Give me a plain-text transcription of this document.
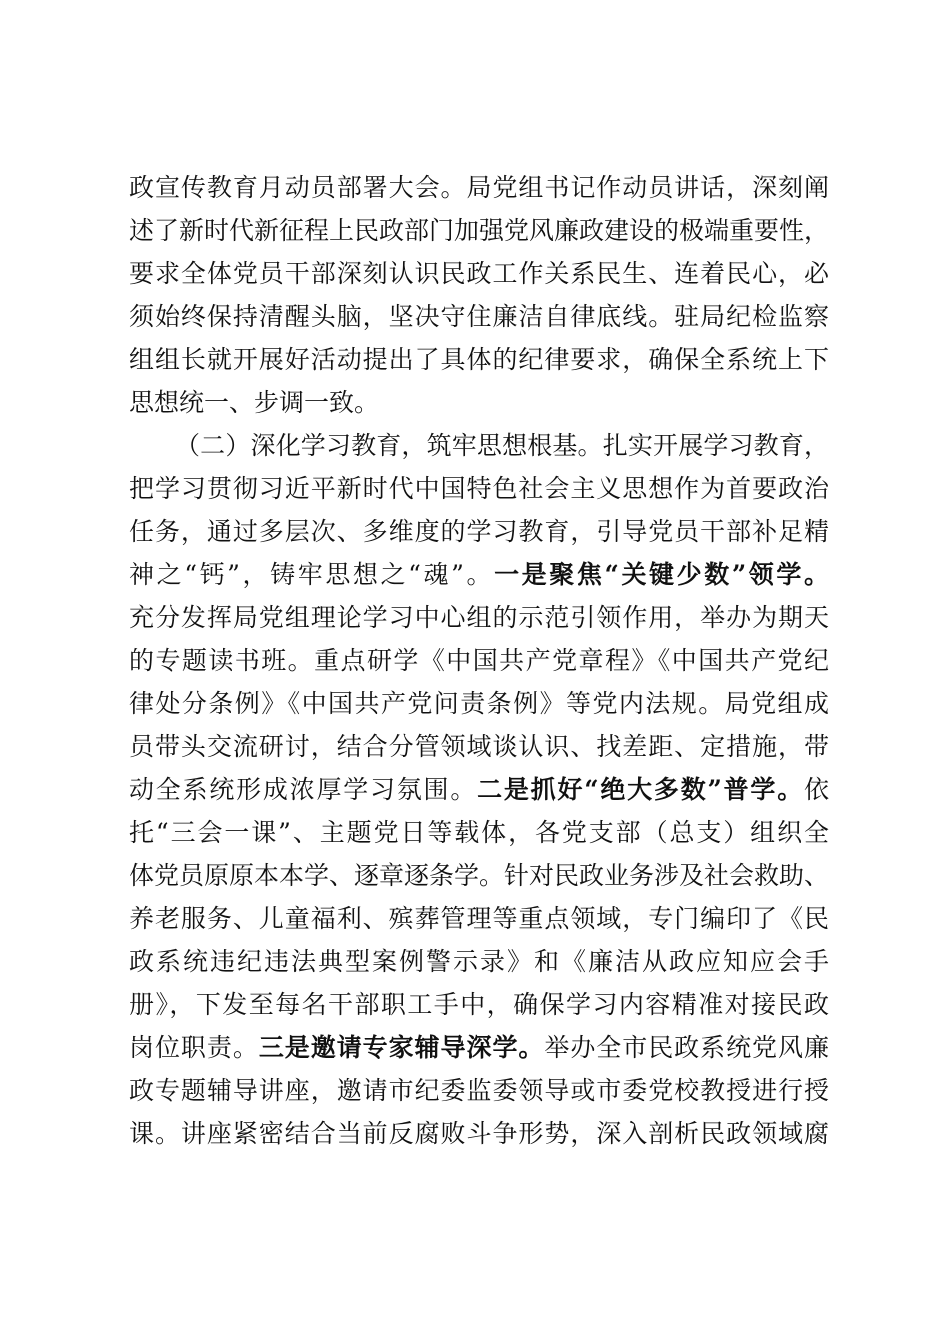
政宣传教育月动员部署大会。局党组书记作动员讲话，深刻阐
述了新时代新征程上民政部门加强党风廉政建设的极端重要性，
要求全体党员干部深刻认识民政工作关系民生、连着民心，必
须始终保持清醒头脑，坚决守住廉洁自律底线。驻局纪检监察
组组长就开展好活动提出了具体的纪律要求，确保全系统上下
思想统一、步调一致。
（二）深化学习教育，筑牢思想根基。扎实开展学习教育，
把学习贯彻习近平新时代中国特色社会主义思想作为首要政治
任务，通过多层次、多维度的学习教育，引导党员干部补足精
神之“钙”，铸牢思想之“魂”。一是聚焦“关键少数”领学。
充分发挥局党组理论学习中心组的示范引领作用，举办为期天
的专题读书班。重点研学《中国共产党章程》《中国共产党纪
律处分条例》《中国共产党问责条例》等党内法规。局党组成
员带头交流研讨，结合分管领域谈认识、找差距、定措施，带
动全系统形成浓厚学习氛围。二是抓好“绝大多数”普学。依
托“三会一课”、主题党日等载体，各党支部（总支）组织全
体党员原原本本学、逐章逐条学。针对民政业务涉及社会救助、
养老服务、儿童福利、殡葬管理等重点领域，专门编印了《民
政系统违纪违法典型案例警示录》和《廉洁从政应知应会手
册》，下发至每名干部职工手中，确保学习内容精准对接民政
岗位职责。三是邀请专家辅导深学。举办全市民政系统党风廉
政专题辅导讲座，邀请市纪委监委领导或市委党校教授进行授
课。讲座紧密结合当前反腐败斗争形势，深入剖析民政领域腐
